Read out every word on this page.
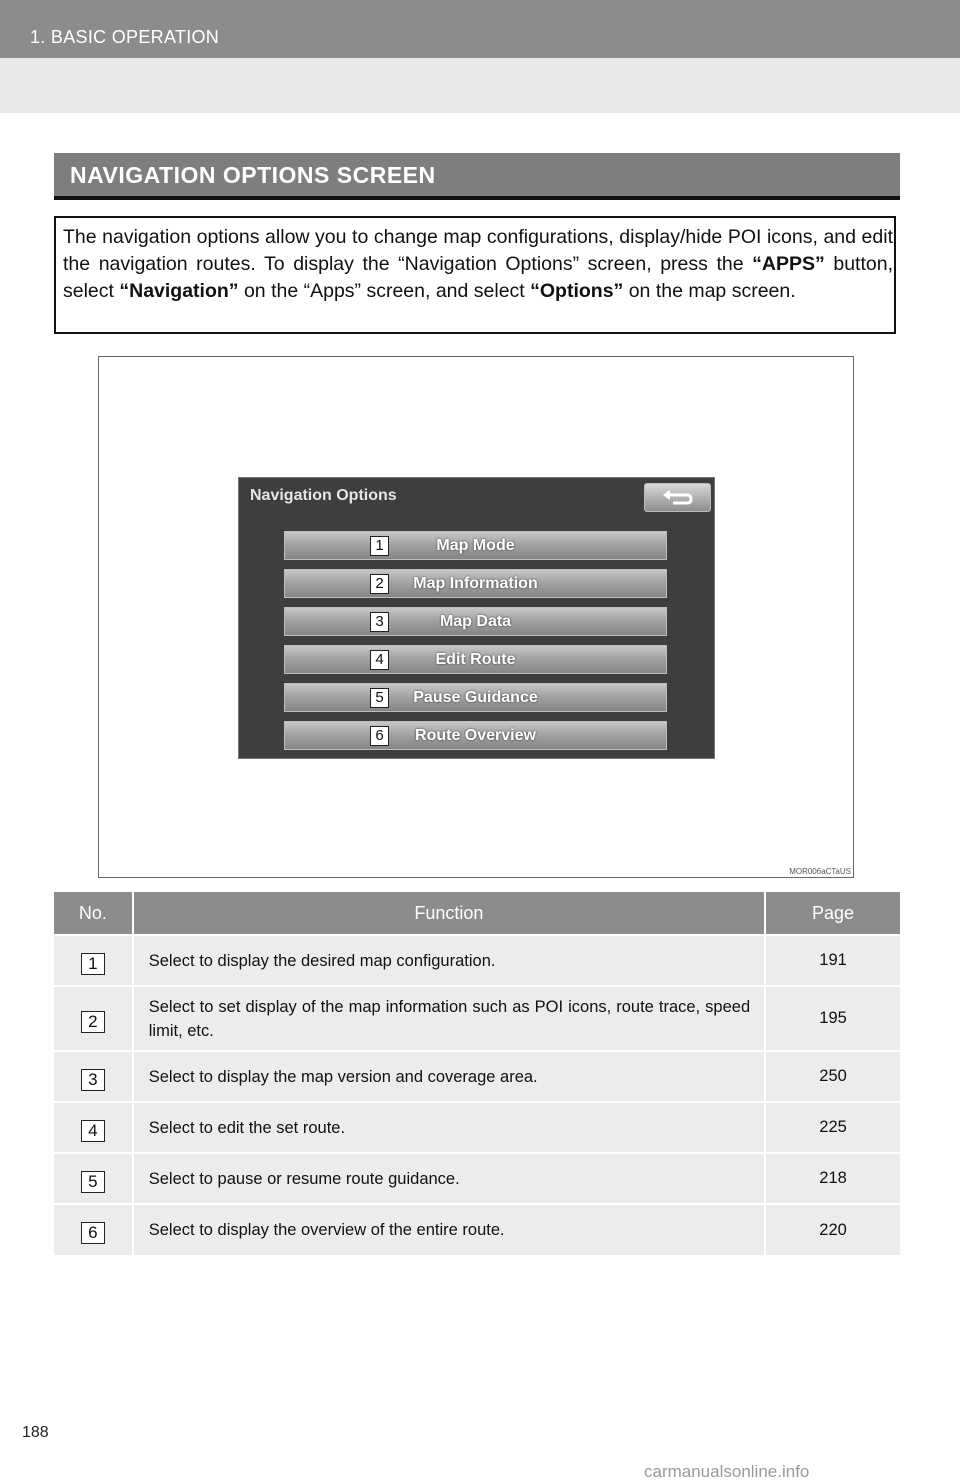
1. BASIC OPERATION
NAVIGATION OPTIONS SCREEN
The navigation options allow you to change map configurations, display/hide POI icons, and edit the navigation routes. To display the “Navigation Options” screen, press the “APPS” button, select “Navigation” on the “Apps” screen, and select “Options” on the map screen.
Navigation Options
1	Map Mode
2	Map Information
3	Map Data
4	Edit Route
5	Pause Guidance
6	Route Overview
MOR006aCTaUS
No.	Function	Page
1	Select to display the desired map configuration.	191
2	Select to set display of the map information such as POI icons, route trace, speed limit, etc.	195
3	Select to display the map version and coverage area.	250
4	Select to edit the set route.	225
5	Select to pause or resume route guidance.	218
6	Select to display the overview of the entire route.	220
188
carmanualsonline.info
